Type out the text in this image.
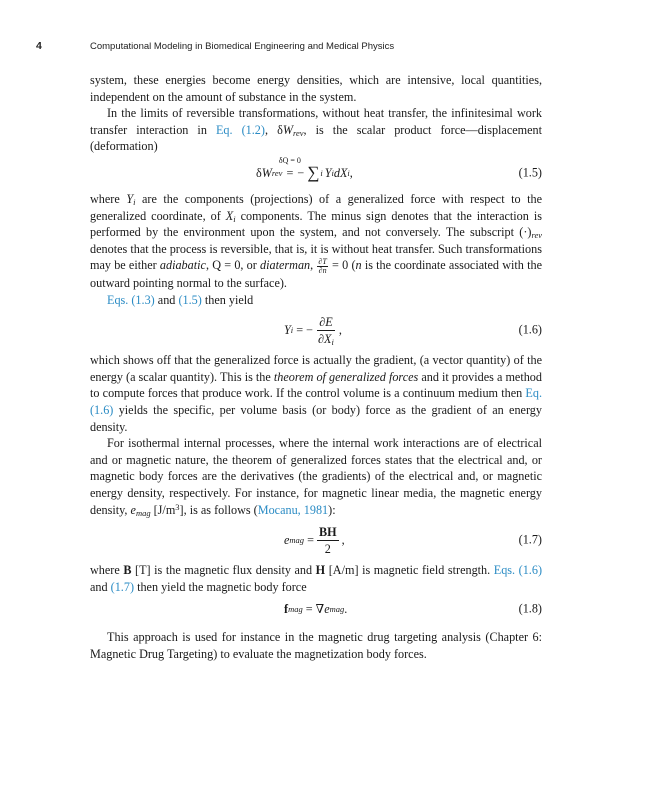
4	Computational Modeling in Biomedical Engineering and Medical Physics

system, these energies become energy densities, which are intensive, local quantities, independent on the amount of substance in the system.

In the limits of reversible transformations, without heat transfer, the infinitesimal work transfer interaction in Eq. (1.2), $\delta W_{rev}$, is the scalar product force—displacement (deformation)

δ W rev
δQ = 0
= − ∑ i Y i dX i ,	(1.5)

where $Y_i$ are the components (projections) of a generalized force with respect to the generalized coordinate, of $X_i$ components. The minus sign denotes that the interaction is performed by the environment upon the system, and not conversely. The subscript $(\cdot)_{rev}$ denotes that the process is reversible, that is, it is without heat transfer. Such transformations may be either adiabatic, Q = 0, or diaterman, $\frac{\partial T}{\partial n} = 0$ (n is the coordinate associated with the outward pointing normal to the surface).

Eqs. (1.3) and (1.5) then yield

Y i = − $\frac{\partial E}{\partial X_i}$ ,	(1.6)

which shows off that the generalized force is actually the gradient, (a vector quantity) of the energy (a scalar quantity). This is the theorem of generalized forces and it provides a method to compute forces that produce work. If the control volume is a continuum medium then Eq. (1.6) yields the specific, per volume basis (or body) force as the gradient of an energy density.

For isothermal internal processes, where the internal work interactions are of electrical and or magnetic nature, the theorem of generalized forces states that the electrical and, or magnetic body forces are the derivatives (the gradients) of the electrical and, or magnetic energy density, respectively. For instance, for magnetic linear media, the magnetic energy density, $e_{mag}$ $[J/m^3]$, is as follows (Mocanu, 1981):

e mag = $\frac{BH}{2}$ ,	(1.7)

where B [T] is the magnetic flux density and H [A/m] is magnetic field strength. Eqs. (1.6) and (1.7) then yield the magnetic body force

f mag = ∇ e mag .	(1.8)

This approach is used for instance in the magnetic drug targeting analysis (Chapter 6: Magnetic Drug Targeting) to evaluate the magnetization body forces.
